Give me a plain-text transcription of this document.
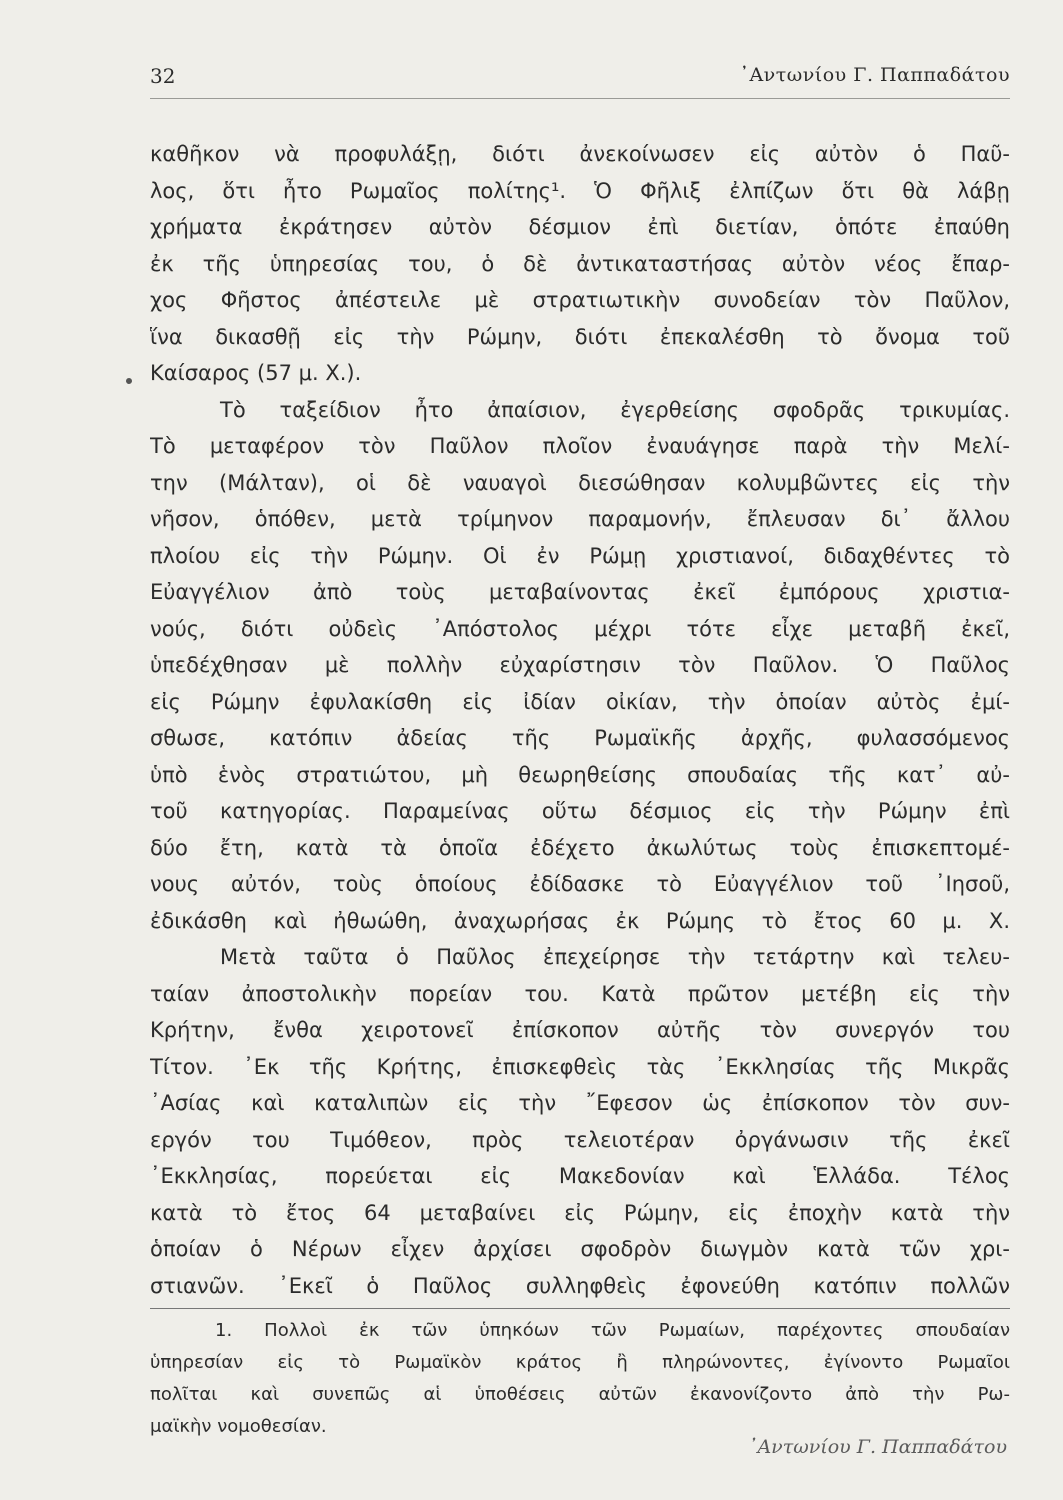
32	᾿Αντωνίου Γ. Παππαδάτου
καθῆκον νὰ προφυλάξῃ, διότι ἀνεκοίνωσεν εἰς αὐτὸν ὁ Παῦ-
λος, ὅτι ἦτο Ρωμαῖος πολίτης¹. Ὁ Φῆλιξ ἐλπίζων ὅτι θὰ λάβῃ
χρήματα ἐκράτησεν αὐτὸν δέσμιον ἐπὶ διετίαν, ὁπότε ἐπαύθη
ἐκ τῆς ὑπηρεσίας του, ὁ δὲ ἀντικαταστήσας αὐτὸν νέος ἔπαρ-
χος Φῆστος ἀπέστειλε μὲ στρατιωτικὴν συνοδείαν τὸν Παῦλον,
ἵνα δικασθῇ εἰς τὴν Ρώμην, διότι ἐπεκαλέσθη τὸ ὄνομα τοῦ
Καίσαρος (57 μ. Χ.).
Τὸ ταξείδιον ἦτο ἀπαίσιον, ἐγερθείσης σφοδρᾶς τρικυμίας.
Τὸ μεταφέρον τὸν Παῦλον πλοῖον ἐναυάγησε παρὰ τὴν Μελί-
την (Μάλταν), οἱ δὲ ναυαγοὶ διεσώθησαν κολυμβῶντες εἰς τὴν
νῆσον, ὁπόθεν, μετὰ τρίμηνον παραμονήν, ἔπλευσαν δι᾿ ἄλλου
πλοίου εἰς τὴν Ρώμην. Οἱ ἐν Ρώμῃ χριστιανοί, διδαχθέντες τὸ
Εὐαγγέλιον ἀπὸ τοὺς μεταβαίνοντας ἐκεῖ ἐμπόρους χριστια-
νούς, διότι οὐδεὶς ᾿Απόστολος μέχρι τότε εἶχε μεταβῆ ἐκεῖ,
ὑπεδέχθησαν μὲ πολλὴν εὐχαρίστησιν τὸν Παῦλον. Ὁ Παῦλος
εἰς Ρώμην ἐφυλακίσθη εἰς ἰδίαν οἰκίαν, τὴν ὁποίαν αὐτὸς ἐμί-
σθωσε, κατόπιν ἀδείας τῆς Ρωμαϊκῆς ἀρχῆς, φυλασσόμενος
ὑπὸ ἑνὸς στρατιώτου, μὴ θεωρηθείσης σπουδαίας τῆς κατ᾿ αὐ-
τοῦ κατηγορίας. Παραμείνας οὕτω δέσμιος εἰς τὴν Ρώμην ἐπὶ
δύο ἔτη, κατὰ τὰ ὁποῖα ἐδέχετο ἀκωλύτως τοὺς ἐπισκεπτομέ-
νους αὐτόν, τοὺς ὁποίους ἐδίδασκε τὸ Εὐαγγέλιον τοῦ ᾿Ιησοῦ,
ἐδικάσθη καὶ ἠθωώθη, ἀναχωρήσας ἐκ Ρώμης τὸ ἔτος 60 μ. Χ.
Μετὰ ταῦτα ὁ Παῦλος ἐπεχείρησε τὴν τετάρτην καὶ τελευ-
ταίαν ἀποστολικὴν πορείαν του. Κατὰ πρῶτον μετέβη εἰς τὴν
Κρήτην, ἔνθα χειροτονεῖ ἐπίσκοπον αὐτῆς τὸν συνεργόν του
Τίτον. ᾿Εκ τῆς Κρήτης, ἐπισκεφθεὶς τὰς ᾿Εκκλησίας τῆς Μικρᾶς
᾿Ασίας καὶ καταλιπὼν εἰς τὴν ῎Εφεσον ὡς ἐπίσκοπον τὸν συν-
εργόν του Τιμόθεον, πρὸς τελειοτέραν ὀργάνωσιν τῆς ἐκεῖ
᾿Εκκλησίας, πορεύεται εἰς Μακεδονίαν καὶ Ἑλλάδα. Τέλος
κατὰ τὸ ἔτος 64 μεταβαίνει εἰς Ρώμην, εἰς ἐποχὴν κατὰ τὴν
ὁποίαν ὁ Νέρων εἶχεν ἀρχίσει σφοδρὸν διωγμὸν κατὰ τῶν χρι-
στιανῶν. ᾿Εκεῖ ὁ Παῦλος συλληφθεὶς ἐφονεύθη κατόπιν πολλῶν
1. Πολλοὶ ἐκ τῶν ὑπηκόων τῶν Ρωμαίων, παρέχοντες σπουδαίαν
ὑπηρεσίαν εἰς τὸ Ρωμαϊκὸν κράτος ἢ πληρώνοντες, ἐγίνοντο Ρωμαῖοι
πολῖται καὶ συνεπῶς αἱ ὑποθέσεις αὐτῶν ἐκανονίζοντο ἀπὸ τὴν Ρω-
μαϊκὴν νομοθεσίαν.
᾿Αντωνίου Γ. Παππαδάτου
